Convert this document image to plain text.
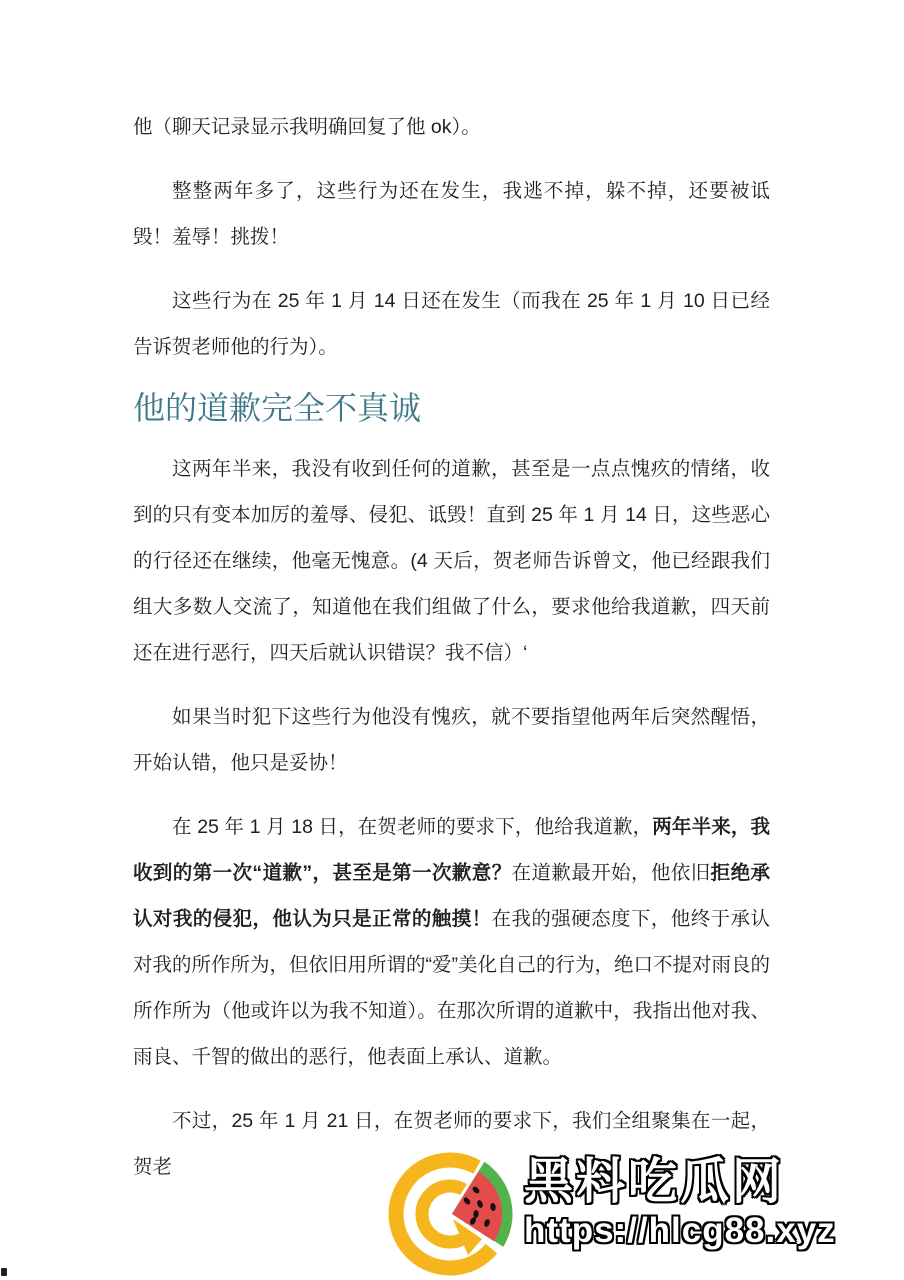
他（聊天记录显示我明确回复了他 ok）。

整整两年多了，这些行为还在发生，我逃不掉，躲不掉，还要被诋毁！羞辱！挑拨！

这些行为在 25 年 1 月 14 日还在发生（而我在 25 年 1 月 10 日已经告诉贺老师他的行为）。

他的道歉完全不真诚

这两年半来，我没有收到任何的道歉，甚至是一点点愧疚的情绪，收到的只有变本加厉的羞辱、侵犯、诋毁！直到 25 年 1 月 14 日，这些恶心的行径还在继续，他毫无愧意。(4 天后，贺老师告诉曾文，他已经跟我们组大多数人交流了，知道他在我们组做了什么，要求他给我道歉，四天前还在进行恶行，四天后就认识错误？我不信）‘

如果当时犯下这些行为他没有愧疚，就不要指望他两年后突然醒悟，开始认错，他只是妥协！

在 25 年 1 月 18 日，在贺老师的要求下，他给我道歉，两年半来，我收到的第一次“道歉”，甚至是第一次歉意？在道歉最开始，他依旧拒绝承认对我的侵犯，他认为只是正常的触摸！在我的强硬态度下，他终于承认对我的所作所为，但依旧用所谓的“爱”美化自己的行为，绝口不提对雨良的所作所为（他或许以为我不知道）。在那次所谓的道歉中，我指出他对我、雨良、千智的做出的恶行，他表面上承认、道歉。

不过，25 年 1 月 21 日，在贺老师的要求下，我们全组聚集在一起，贺老	黑料吃瓜网
https://hlcg88.xyz
